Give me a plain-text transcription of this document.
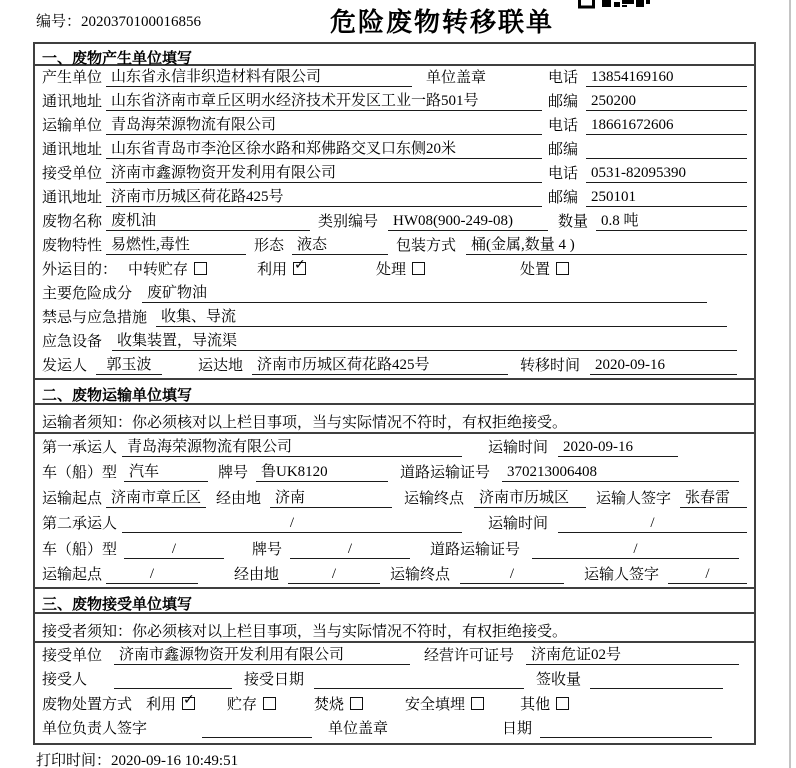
编号：2020370100016856	危险废物转移联单
一、废物产生单位填写
产生单位 山东省永信非织造材料有限公司	单位盖章	电话 13854169160
通讯地址 山东省济南市章丘区明水经济技术开发区工业一路501号	邮编 250200
运输单位 青岛海荣源物流有限公司	电话 18661672606
通讯地址 山东省青岛市李沧区徐水路和郑佛路交叉口东侧20米	邮编
接受单位 济南市鑫源物资开发利用有限公司	电话 0531-82095390
通讯地址 济南市历城区荷花路425号	邮编 250101
废物名称 废机油	类别编号 HW08(900-249-08)	数量 0.8 吨
废物特性 易燃性,毒性	形态 液态	包装方式 桶(金属,数量 4 )
外运目的： 中转贮存	利用 ✓	处理	处置
主要危险成分 废矿物油
禁忌与应急措施 收集、导流
应急设备 收集装置，导流渠
发运人	郭玉波	运达地 济南市历城区荷花路425号	转移时间 2020-09-16
二、废物运输单位填写
运输者须知：你必须核对以上栏目事项，当与实际情况不符时，有权拒绝接受。
第一承运人 青岛海荣源物流有限公司	运输时间 2020-09-16
车（船）型 汽车	牌号 鲁UK8120	道路运输证号	370213006408
运输起点 济南市章丘区 经由地 济南	运输终点 济南市历城区	运输人签字 张春雷
第二承运人	/	运输时间	/
车（船）型	/	牌号	/	道路运输证号	/
运输起点	/	经由地	/	运输终点	/	运输人签字	/
三、废物接受单位填写
接受者须知：你必须核对以上栏目事项，当与实际情况不符时，有权拒绝接受。
接受单位	济南市鑫源物资开发利用有限公司	经营许可证号	济南危证02号
接受人	接受日期	签收量
废物处置方式 利用 ✓ 贮存	焚烧	安全填埋	其他
单位负责人签字	单位盖章	日期
打印时间：2020-09-16 10:49:51
